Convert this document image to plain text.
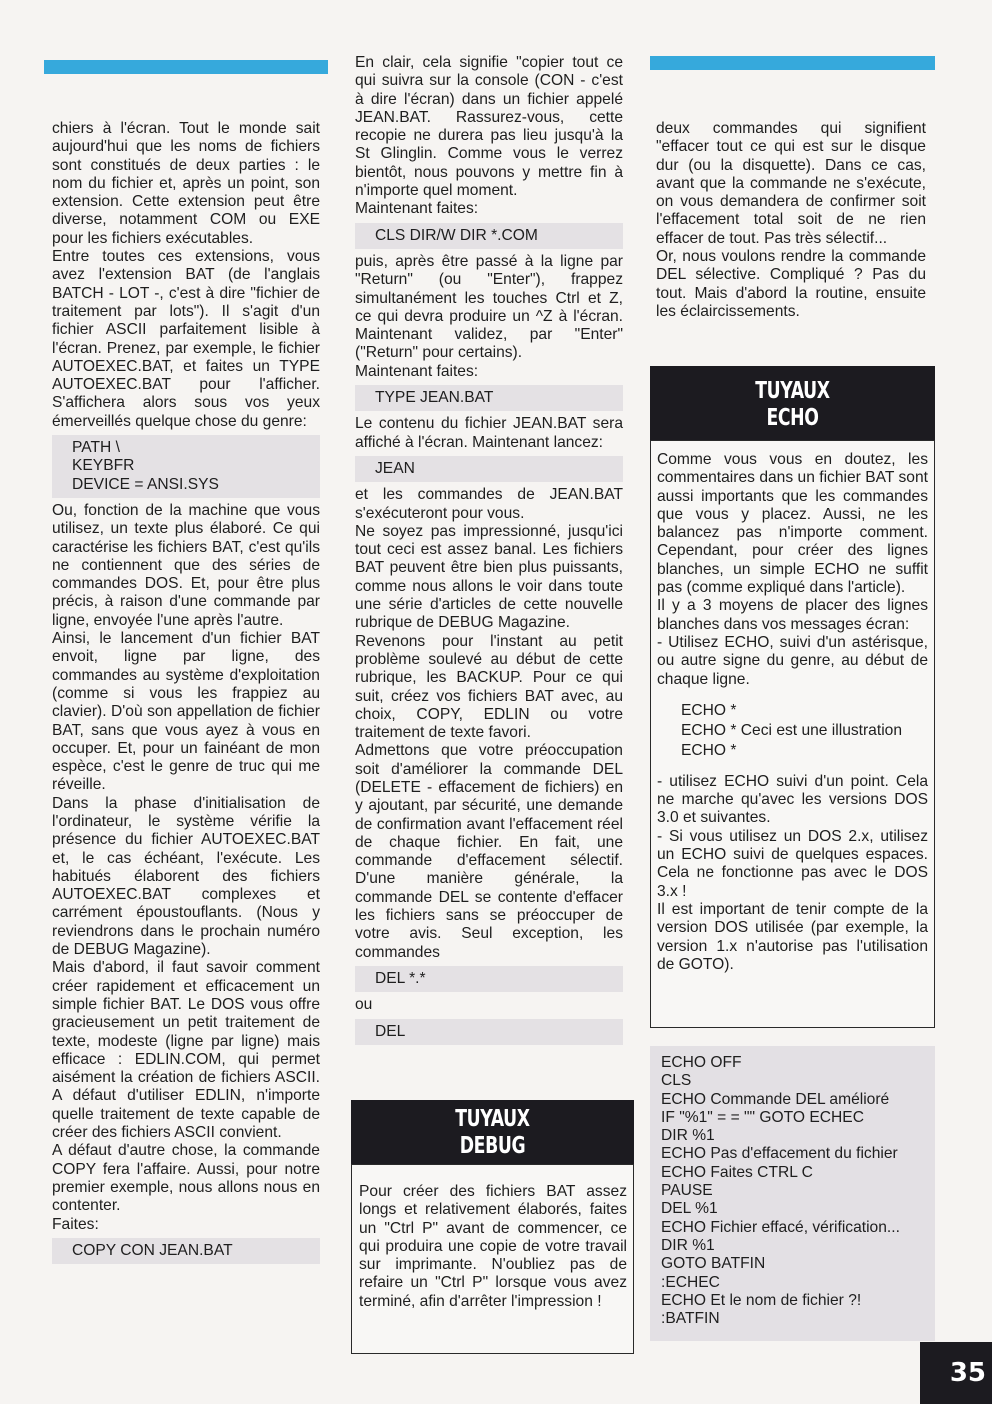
chiers à l'écran. Tout le monde sait aujourd'hui que les noms de fichiers sont constitués de deux parties : le nom du fichier et, après un point, son extension. Cette extension peut être diverse, notamment COM ou EXE pour les fichiers exécutables.

Entre toutes ces extensions, vous avez l'extension BAT (de l'anglais BATCH - LOT -, c'est à dire "fichier de traitement par lots"). Il s'agit d'un fichier ASCII parfaitement lisible à l'écran. Prenez, par exemple, le fichier AUTOEXEC.BAT, et faites un TYPE AUTOEXEC.BAT pour l'afficher. S'affichera alors sous vos yeux émerveillés quelque chose du genre:

PATH \
KEYBFR
DEVICE = ANSI.SYS

Ou, fonction de la machine que vous utilisez, un texte plus élaboré. Ce qui caractérise les fichiers BAT, c'est qu'ils ne contiennent que des séries de commandes DOS. Et, pour être plus précis, à raison d'une commande par ligne, envoyée l'une après l'autre.

Ainsi, le lancement d'un fichier BAT envoit, ligne par ligne, des commandes au système d'exploitation (comme si vous les frappiez au clavier). D'où son appellation de fichier BAT, sans que vous ayez à vous en occuper. Et, pour un fainéant de mon espèce, c'est le genre de truc qui me réveille.

Dans la phase d'initialisation de l'ordinateur, le système vérifie la présence du fichier AUTOEXEC.BAT et, le cas échéant, l'exécute. Les habitués élaborent des fichiers AUTOEXEC.BAT complexes et carrément époustouflants. (Nous y reviendrons dans le prochain numéro de DEBUG Magazine).

Mais d'abord, il faut savoir comment créer rapidement et efficacement un simple fichier BAT. Le DOS vous offre gracieusement un petit traitement de texte, modeste (ligne par ligne) mais efficace : EDLIN.COM, qui permet aisément la création de fichiers ASCII. A défaut d'utiliser EDLIN, n'importe quelle traitement de texte capable de créer des fichiers ASCII convient.

A défaut d'autre chose, la commande COPY fera l'affaire. Aussi, pour notre premier exemple, nous allons nous en contenter.

Faites:

COPY CON JEAN.BAT

En clair, cela signifie "copier tout ce qui suivra sur la console (CON - c'est à dire l'écran) dans un fichier appelé JEAN.BAT. Rassurez-vous, cette recopie ne durera pas lieu jusqu'à la St Glinglin. Comme vous le verrez bientôt, nous pouvons y mettre fin à n'importe quel moment.

Maintenant faites:

CLS DIR/W DIR *.COM

puis, après être passé à la ligne par "Return" (ou "Enter"), frappez simultanément les touches Ctrl et Z, ce qui devra produire un ^Z à l'écran. Maintenant validez, par "Enter" ("Return" pour certains).

Maintenant faites:

TYPE JEAN.BAT

Le contenu du fichier JEAN.BAT sera affiché à l'écran. Maintenant lancez:

JEAN

et les commandes de JEAN.BAT s'exécuteront pour vous.

Ne soyez pas impressionné, jusqu'ici tout ceci est assez banal. Les fichiers BAT peuvent être bien plus puissants, comme nous allons le voir dans toute une série d'articles de cette nouvelle rubrique de DEBUG Magazine.

Revenons pour l'instant au petit problème soulevé au début de cette rubrique, les BACKUP. Pour ce qui suit, créez vos fichiers BAT avec, au choix, COPY, EDLIN ou votre traitement de texte favori.

Admettons que votre préoccupation soit d'améliorer la commande DEL (DELETE - effacement de fichiers) en y ajoutant, par sécurité, une demande de confirmation avant l'effacement réel de chaque fichier. En fait, une commande d'effacement sélectif. D'une manière générale, la commande DEL se contente d'effacer les fichiers sans se préoccuper de votre avis. Seul exception, les commandes

DEL *.*

ou

DEL
TUYAUX
DEBUG

Pour créer des fichiers BAT assez longs et relativement élaborés, faites un "Ctrl P" avant de commencer, ce qui produira une copie de votre travail sur imprimante. N'oubliez pas de refaire un "Ctrl P" lorsque vous avez terminé, afin d'arrêter l'impression !

deux commandes qui signifient "effacer tout ce qui est sur le disque dur (ou la disquette). Dans ce cas, avant que la commande ne s'exécute, on vous demandera de confirmer soit l'effacement total soit de ne rien effacer de tout. Pas très sélectif...

Or, nous voulons rendre la commande DEL sélective. Compliqué ? Pas du tout. Mais d'abord la routine, ensuite les éclaircissements.

TUYAUX
ECHO

Comme vous vous en doutez, les commentaires dans un fichier BAT sont aussi importants que les commandes que vous y placez. Aussi, ne les balancez pas n'importe comment. Cependant, pour créer des lignes blanches, un simple ECHO ne suffit pas (comme expliqué dans l'article).

Il y a 3 moyens de placer des lignes blanches dans vos messages écran:

- Utilisez ECHO, suivi d'un astérisque, ou autre signe du genre, au début de chaque ligne.

ECHO *
ECHO * Ceci est une illustration
ECHO *

- utilisez ECHO suivi d'un point. Cela ne marche qu'avec les versions DOS 3.0 et suivantes.

- Si vous utilisez un DOS 2.x, utilisez un ECHO suivi de quelques espaces. Cela ne fonctionne pas avec le DOS 3.x !

Il est important de tenir compte de la version DOS utilisée (par exemple, la version 1.x n'autorise pas l'utilisation de GOTO).

ECHO OFF
CLS
ECHO Commande DEL amélioré
IF "%1" = = "" GOTO ECHEC
DIR %1
ECHO Pas d'effacement du fichier
ECHO Faites CTRL C
PAUSE
DEL %1
ECHO Fichier effacé, vérification...
DIR %1
GOTO BATFIN
:ECHEC
ECHO Et le nom de fichier ?!
:BATFIN
35
